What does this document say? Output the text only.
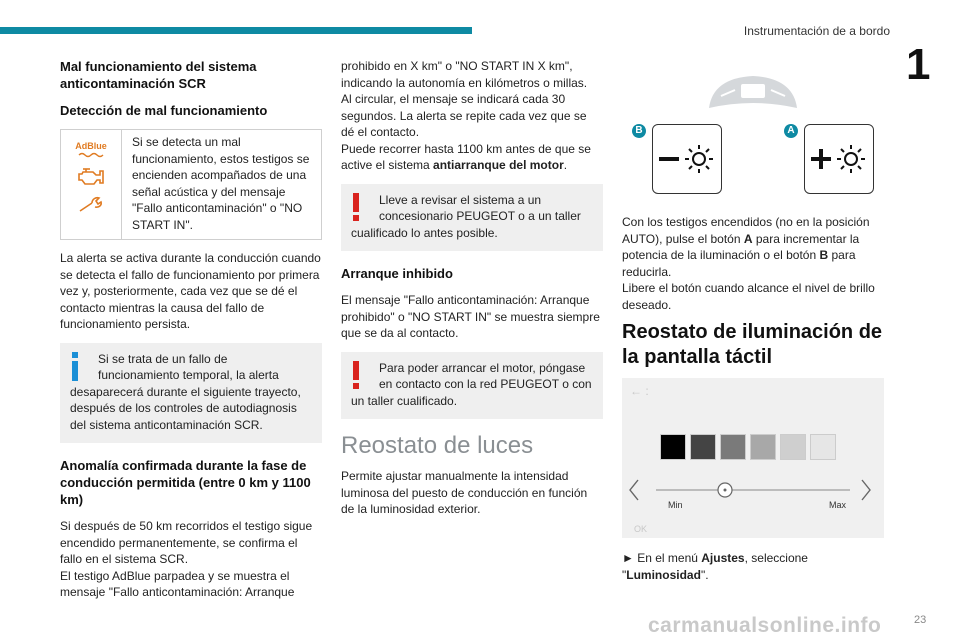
Instrumentación de a bordo
1
Mal funcionamiento del sistema anticontaminación SCR
Detección de mal funcionamiento
AdBlue	Si se detecta un mal funcionamiento, estos testigos se encienden acompañados de una señal acústica y del mensaje "Fallo anticontaminación" o "NO START IN".

La alerta se activa durante la conducción cuando se detecta el fallo de funcionamiento por primera vez y, posteriormente, cada vez que se dé el contacto mientras la causa del fallo de funcionamiento persista.

Si se trata de un fallo de funcionamiento temporal, la alerta desaparecerá durante el siguiente trayecto, después de los controles de autodiagnosis del sistema anticontaminación SCR.
Anomalía confirmada durante la fase de conducción permitida (entre 0 km y 1100 km)

Si después de 50 km recorridos el testigo sigue encendido permanentemente, se confirma el fallo en el sistema SCR.

El testigo AdBlue parpadea y se muestra el mensaje "Fallo anticontaminación: Arranque

prohibido en X km" o "NO START IN X km", indicando la autonomía en kilómetros o millas.

Al circular, el mensaje se indicará cada 30 segundos. La alerta se repite cada vez que se dé el contacto.

Puede recorrer hasta 1100 km antes de que se active el sistema antiarranque del motor.

Lleve a revisar el sistema a un concesionario PEUGEOT o a un taller cualificado lo antes posible.
Arranque inhibido

El mensaje "Fallo anticontaminación: Arranque prohibido" o "NO START IN" se muestra siempre que se da al contacto.

Para poder arrancar el motor, póngase en contacto con la red PEUGEOT o con un taller cualificado.
Reostato de luces

Permite ajustar manualmente la intensidad luminosa del puesto de conducción en función de la luminosidad exterior.

B	A

Con los testigos encendidos (no en la posición AUTO), pulse el botón A para incrementar la potencia de la iluminación o el botón B para reducirla.

Libere el botón cuando alcance el nivel de brillo deseado.

Reostato de iluminación de la pantalla táctil
← :
Min	Max
OK

► En el menú Ajustes, seleccione "Luminosidad".

carmanualsonline.info	23
